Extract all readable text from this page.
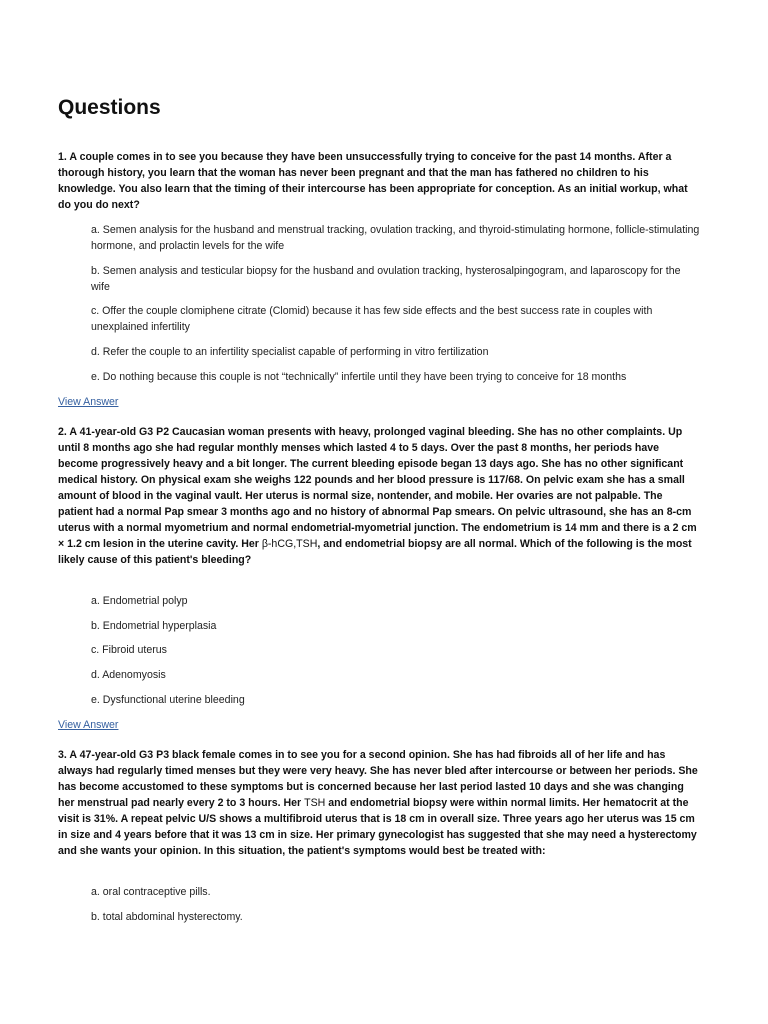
Questions

1. A couple comes in to see you because they have been unsuccessfully trying to conceive for the past 14 months. After a thorough history, you learn that the woman has never been pregnant and that the man has fathered no children to his knowledge. You also learn that the timing of their intercourse has been appropriate for conception. As an initial workup, what do you do next?

a. Semen analysis for the husband and menstrual tracking, ovulation tracking, and thyroid-stimulating hormone, follicle-stimulating hormone, and prolactin levels for the wife

b. Semen analysis and testicular biopsy for the husband and ovulation tracking, hysterosalpingogram, and laparoscopy for the wife

c. Offer the couple clomiphene citrate (Clomid) because it has few side effects and the best success rate in couples with unexplained infertility

d. Refer the couple to an infertility specialist capable of performing in vitro fertilization

e. Do nothing because this couple is not “technically” infertile until they have been trying to conceive for 18 months

View Answer

2. A 41-year-old G3 P2 Caucasian woman presents with heavy, prolonged vaginal bleeding. She has no other complaints. Up until 8 months ago she had regular monthly menses which lasted 4 to 5 days. Over the past 8 months, her periods have become progressively heavy and a bit longer. The current bleeding episode began 13 days ago. She has no other significant medical history. On physical exam she weighs 122 pounds and her blood pressure is 117/68. On pelvic exam she has a small amount of blood in the vaginal vault. Her uterus is normal size, nontender, and mobile. Her ovaries are not palpable. The patient had a normal Pap smear 3 months ago and no history of abnormal Pap smears. On pelvic ultrasound, she has an 8-cm uterus with a normal myometrium and normal endometrial-myometrial junction. The endometrium is 14 mm and there is a 2 cm × 1.2 cm lesion in the uterine cavity. Her β-hCG,TSH, and endometrial biopsy are all normal. Which of the following is the most likely cause of this patient's bleeding?

a. Endometrial polyp

b. Endometrial hyperplasia

c. Fibroid uterus

d. Adenomyosis

e. Dysfunctional uterine bleeding

View Answer

3. A 47-year-old G3 P3 black female comes in to see you for a second opinion. She has had fibroids all of her life and has always had regularly timed menses but they were very heavy. She has never bled after intercourse or between her periods. She has become accustomed to these symptoms but is concerned because her last period lasted 10 days and she was changing her menstrual pad nearly every 2 to 3 hours. Her TSH and endometrial biopsy were within normal limits. Her hematocrit at the visit is 31%. A repeat pelvic U/S shows a multifibroid uterus that is 18 cm in overall size. Three years ago her uterus was 15 cm in size and 4 years before that it was 13 cm in size. Her primary gynecologist has suggested that she may need a hysterectomy and she wants your opinion. In this situation, the patient's symptoms would best be treated with:

a. oral contraceptive pills.

b. total abdominal hysterectomy.
